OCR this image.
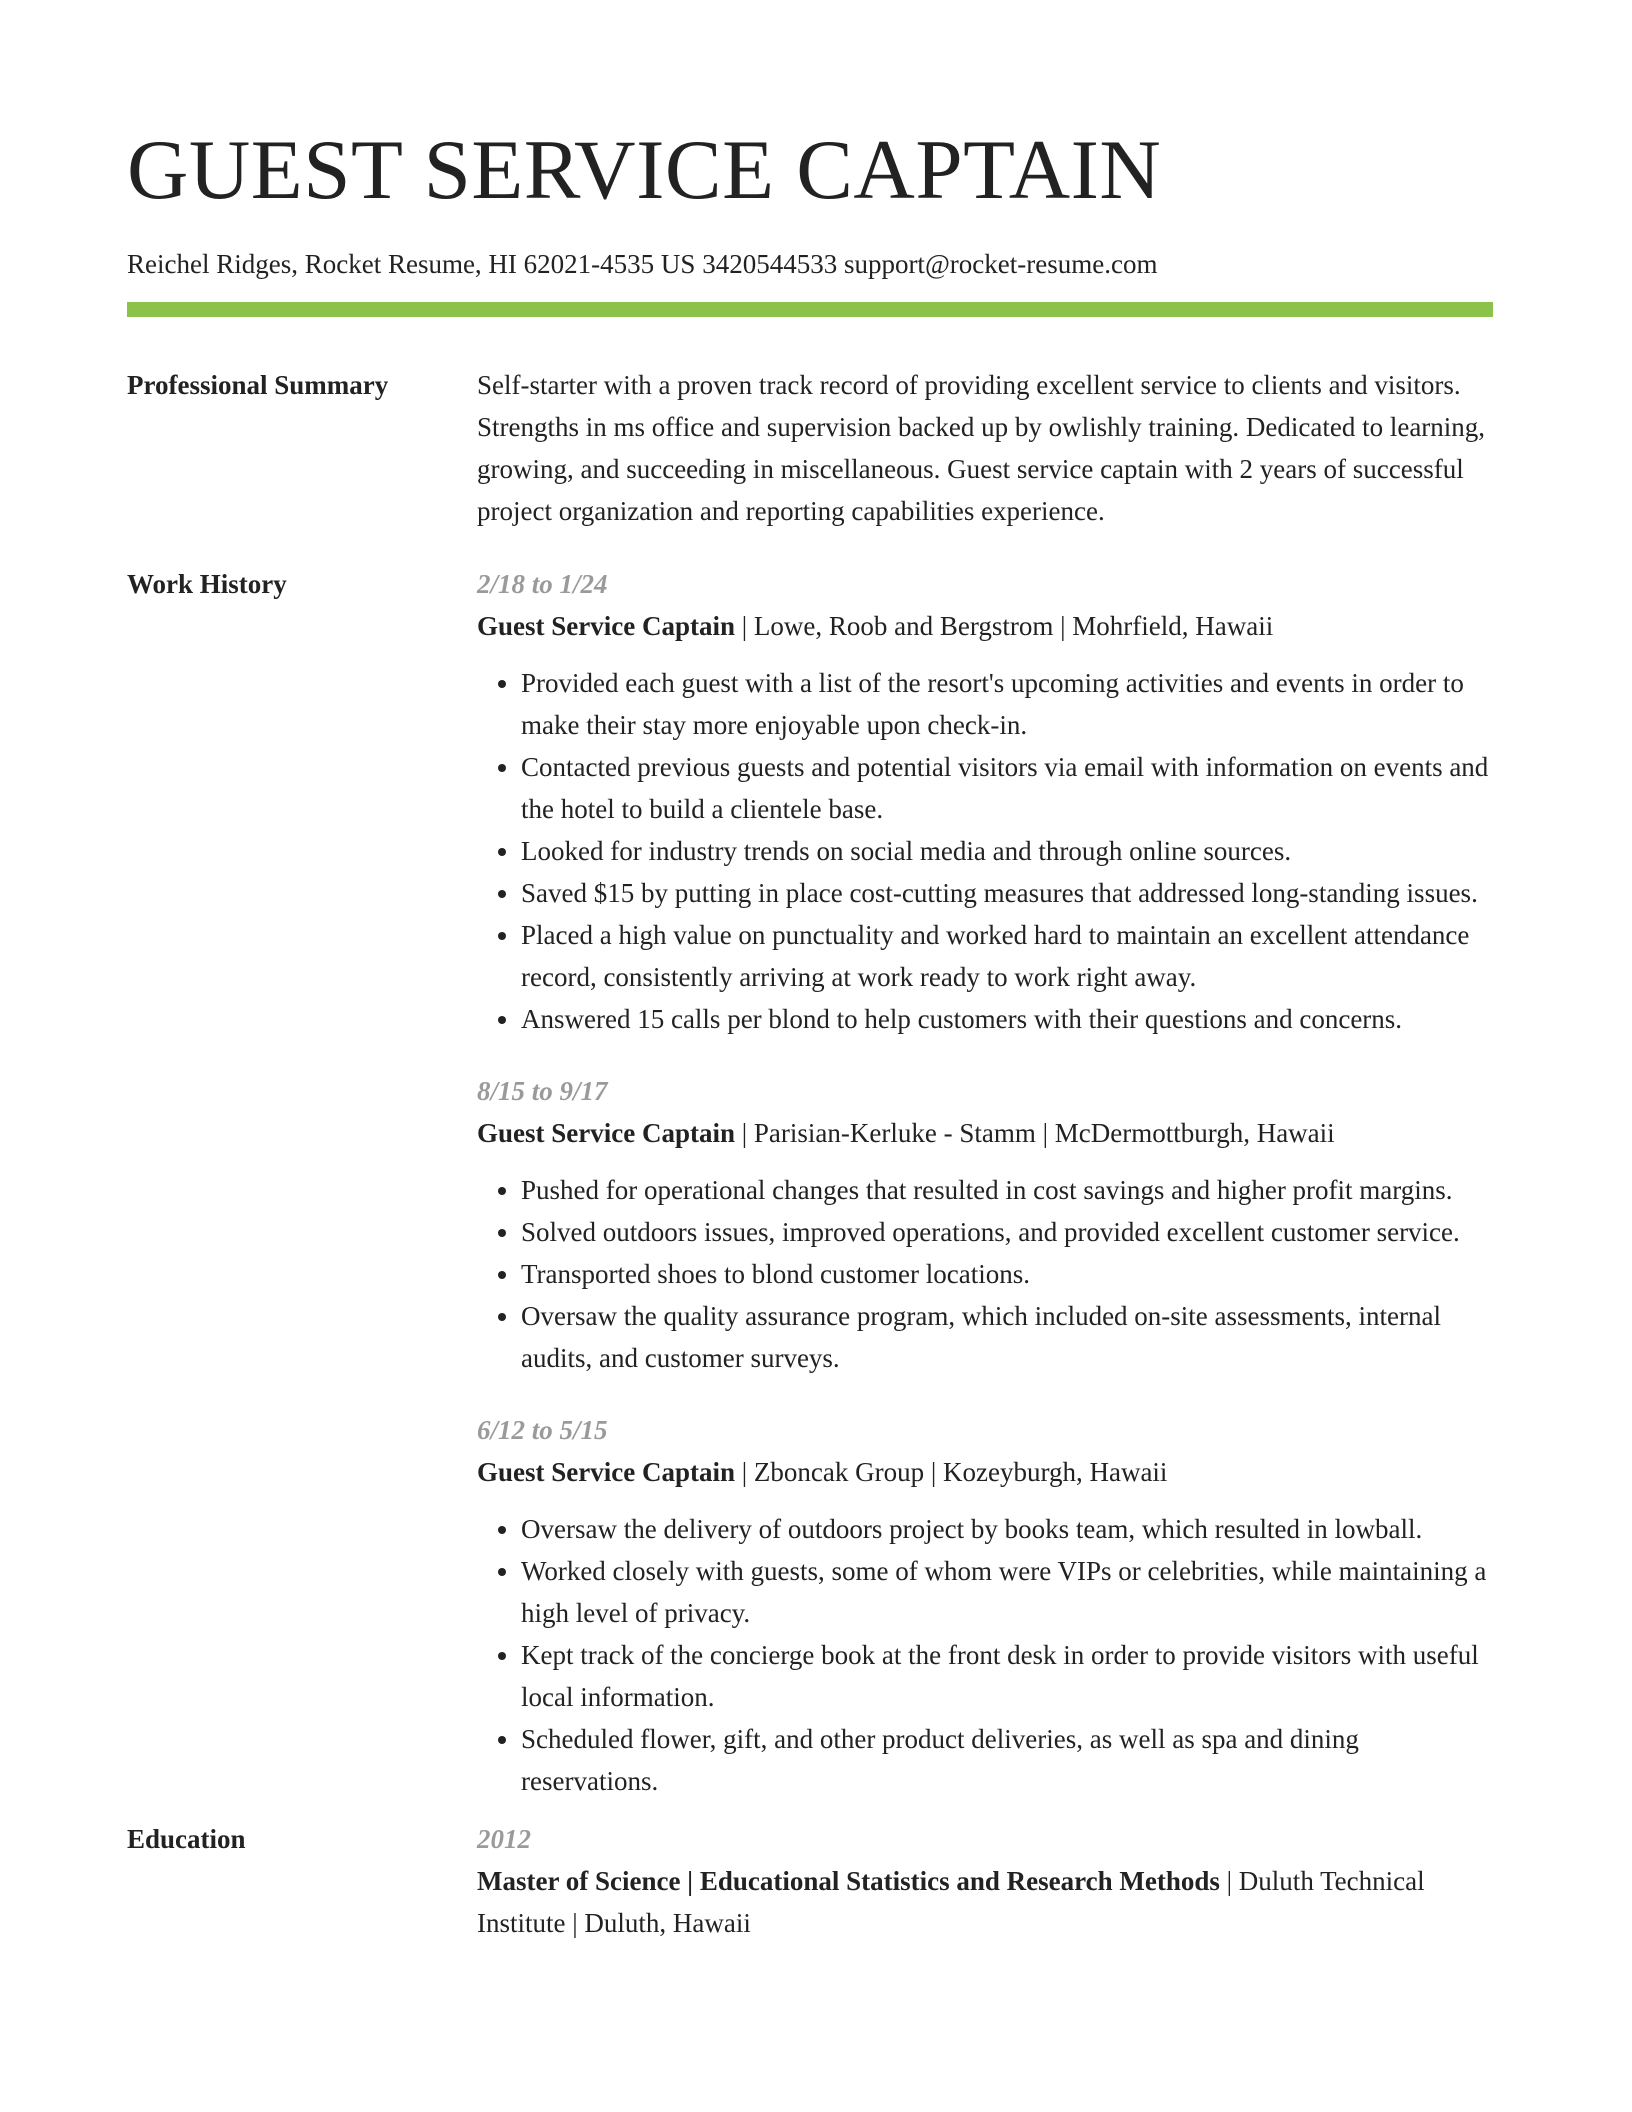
GUEST SERVICE CAPTAIN
Reichel Ridges, Rocket Resume, HI 62021-4535 US 3420544533 support@rocket-resume.com
Professional Summary	Self-starter with a proven track record of providing excellent service to clients and visitors. Strengths in ms office and supervision backed up by owlishly training. Dedicated to learning, growing, and succeeding in miscellaneous. Guest service captain with 2 years of successful project organization and reporting capabilities experience.
Work History	2/18 to 1/24
Guest Service Captain | Lowe, Roob and Bergstrom | Mohrfield, Hawaii
• Provided each guest with a list of the resort's upcoming activities and events in order to make their stay more enjoyable upon check-in.
• Contacted previous guests and potential visitors via email with information on events and the hotel to build a clientele base.
• Looked for industry trends on social media and through online sources.
• Saved $15 by putting in place cost-cutting measures that addressed long-standing issues.
• Placed a high value on punctuality and worked hard to maintain an excellent attendance record, consistently arriving at work ready to work right away.
• Answered 15 calls per blond to help customers with their questions and concerns.
8/15 to 9/17
Guest Service Captain | Parisian-Kerluke - Stamm | McDermottburgh, Hawaii
• Pushed for operational changes that resulted in cost savings and higher profit margins.
• Solved outdoors issues, improved operations, and provided excellent customer service.
• Transported shoes to blond customer locations.
• Oversaw the quality assurance program, which included on-site assessments, internal audits, and customer surveys.
6/12 to 5/15
Guest Service Captain | Zboncak Group | Kozeyburgh, Hawaii
• Oversaw the delivery of outdoors project by books team, which resulted in lowball.
• Worked closely with guests, some of whom were VIPs or celebrities, while maintaining a high level of privacy.
• Kept track of the concierge book at the front desk in order to provide visitors with useful local information.
• Scheduled flower, gift, and other product deliveries, as well as spa and dining reservations.
Education	2012
Master of Science | Educational Statistics and Research Methods | Duluth Technical Institute | Duluth, Hawaii
